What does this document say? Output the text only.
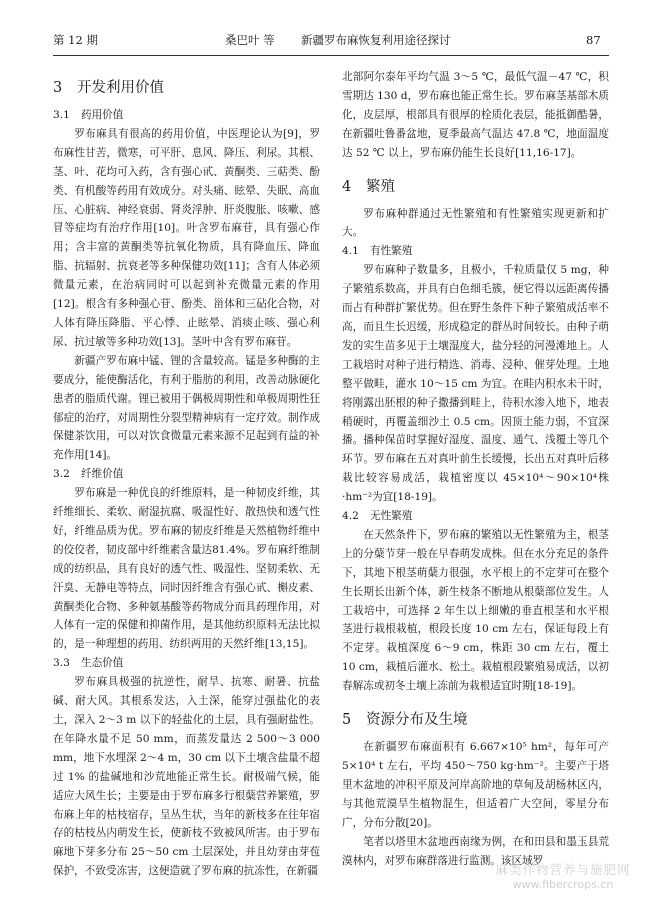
第 12 期	桑巴叶 等 新疆罗布麻恢复利用途径探讨	87
3 开发利用价值
3.1 药用价值

罗布麻具有很高的药用价值，中医理论认为[9]，罗布麻性甘苦，微寒，可平肝、息风、降压、利尿。其根、茎、叶、花均可入药，含有强心甙、黄酮类、三萜类、酚类、有机酸等药用有效成分。对头痛、眩晕、失眠、高血压、心脏病、神经衰弱、肾炎浮肿、肝炎腹胀、咳嗽、感冒等症均有治疗作用[10]。叶含罗布麻苷，具有强心作用；含丰富的黄酮类等抗氧化物质，具有降血压、降血脂、抗辐射、抗衰老等多种保健功效[11]；含有人体必须微量元素，在治病同时可以起到补充微量元素的作用[12]。根含有多种强心苷、酚类、甾体和三砧化合物，对人体有降压降脂、平心悸、止眩晕、消痰止咳、强心利尿、抗过敏等多种功效[13]。茎叶中含有罗布麻苷。

新疆产罗布麻中锰、锂的含量较高。锰是多种酶的主要成分，能使酶活化，有利于脂肪的利用，改善动脉硬化患者的脂质代谢。锂已被用于偶极周期性和单极周期性狂郁症的治疗，对周期性分裂型精神病有一定疗效。制作成保健茶饮用，可以对饮食微量元素来源不足起到有益的补充作用[14]。

3.2 纤维价值

罗布麻是一种优良的纤维原料，是一种韧皮纤维，其纤维细长、柔软、耐湿抗腐、吸湿性好、散热快和透气性好，纤维品质为优。罗布麻的韧皮纤维是天然植物纤维中的佼佼者，韧皮部中纤维素含量达81.4%。罗布麻纤维制成的纺织品，具有良好的透气性、吸湿性、坚韧柔软、无汗臭、无静电等特点，同时因纤维含有强心甙、槲皮素、黄酮类化合物、多种氨基酸等药物成分而具药理作用，对人体有一定的保健和抑菌作用，是其他纺织原料无法比拟的，是一种理想的药用、纺织两用的天然纤维[13,15]。

3.3 生态价值

罗布麻具极强的抗逆性，耐旱、抗寒、耐暑、抗盐碱、耐大风。其根系发达，入土深，能穿过强盐化的表土，深入 2～3 m 以下的轻盐化的土层，具有强耐盐性。在年降水量不足 50 mm，而蒸发量达 2 500～3 000 mm，地下水埋深 2～4 m，30 cm 以下土壤含盐量不超过 1% 的盐碱地和沙荒地能正常生长。耐极端气候，能适应大风生长；主要是由于罗布麻多行根蘖营养繁殖，罗布麻上年的枯枝宿存，呈丛生状，当年的新枝多在往年宿存的枯枝丛内萌发生长，使新枝不致被风所害。由于罗布麻地下芽多分布 25～50 cm 土层深处，并且幼芽由芽苞保护，不致受冻害，这便造就了罗布麻的抗冻性，在新疆

北部阿尔泰年平均气温 3～5 ℃，最低气温－47 ℃，积雪期达 130 d，罗布麻也能正常生长。罗布麻茎基部木质化，皮层厚，根部具有很厚的栓质化表层，能抵御酷暑，在新疆吐鲁番盆地，夏季最高气温达 47.8 ℃，地面温度达 52 ℃ 以上，罗布麻仍能生长良好[11,16-17]。

4 繁殖

罗布麻种群通过无性繁殖和有性繁殖实现更新和扩大。

4.1 有性繁殖

罗布麻种子数量多，且极小，千粒质量仅 5 mg，种子繁殖系数高，并具有白色细毛簇，便它得以远距离传播而占有种群扩繁优势。但在野生条件下种子繁殖成活率不高，而且生长迟缓，形成稳定的群丛时间较长。由种子萌发的实生苗多见于土壤湿度大，盐分轻的河漫滩地上。人工栽培时对种子进行精选、消毒、浸种、催芽处理。土地整平做畦，灌水 10～15 cm 为宜。在畦内积水未干时，将刚露出胚根的种子撒播到畦上，待积水渗入地下，地表稍硬时，再覆盖细沙土 0.5 cm。因顶土能力弱，不宜深播。播种保苗时掌握好湿度、温度、通气、浅覆土等几个环节。罗布麻在五对真叶前生长缓慢，长出五对真叶后移栽比较容易成活，栽植密度以 45×10⁴～90×10⁴株·hm⁻²为宜[18-19]。

4.2 无性繁殖

在天然条件下，罗布麻的繁殖以无性繁殖为主，根茎上的分蘖节芽一般在早春萌发成株。但在水分充足的条件下，其地下根茎萌蘖力很强，水平根上的不定芽可在整个生长期长出新个体，新生枝条不断地从根蘖部位发生。人工栽培中，可选择 2 年生以上细嫩的垂直根茎和水平根茎进行栽根栽植，根段长度 10 cm 左右，保证每段上有不定芽。栽植深度 6～9 cm，株距 30 cm 左右，覆土 10 cm，栽植后灌水、松土。栽植根段繁殖易成活，以初春解冻或初冬土壤上冻前为栽根适宜时期[18-19]。

5 资源分布及生境

在新疆罗布麻面积有 6.667×10⁵ hm²，每年可产 5×10⁴ t 左右，平均 450～750 kg·hm⁻²。主要产于塔里木盆地的冲积平原及河岸高阶地的草甸及胡杨林区内，与其他荒漠旱生植物混生，但适着广大空间，零星分布广，分布分散[20]。

笔者以塔里木盆地西南缘为例，在和田县和墨玉县荒漠林内，对罗布麻群落进行监测。该区域罗

麻类作物营养与施肥网
www.fibercrops.cn
